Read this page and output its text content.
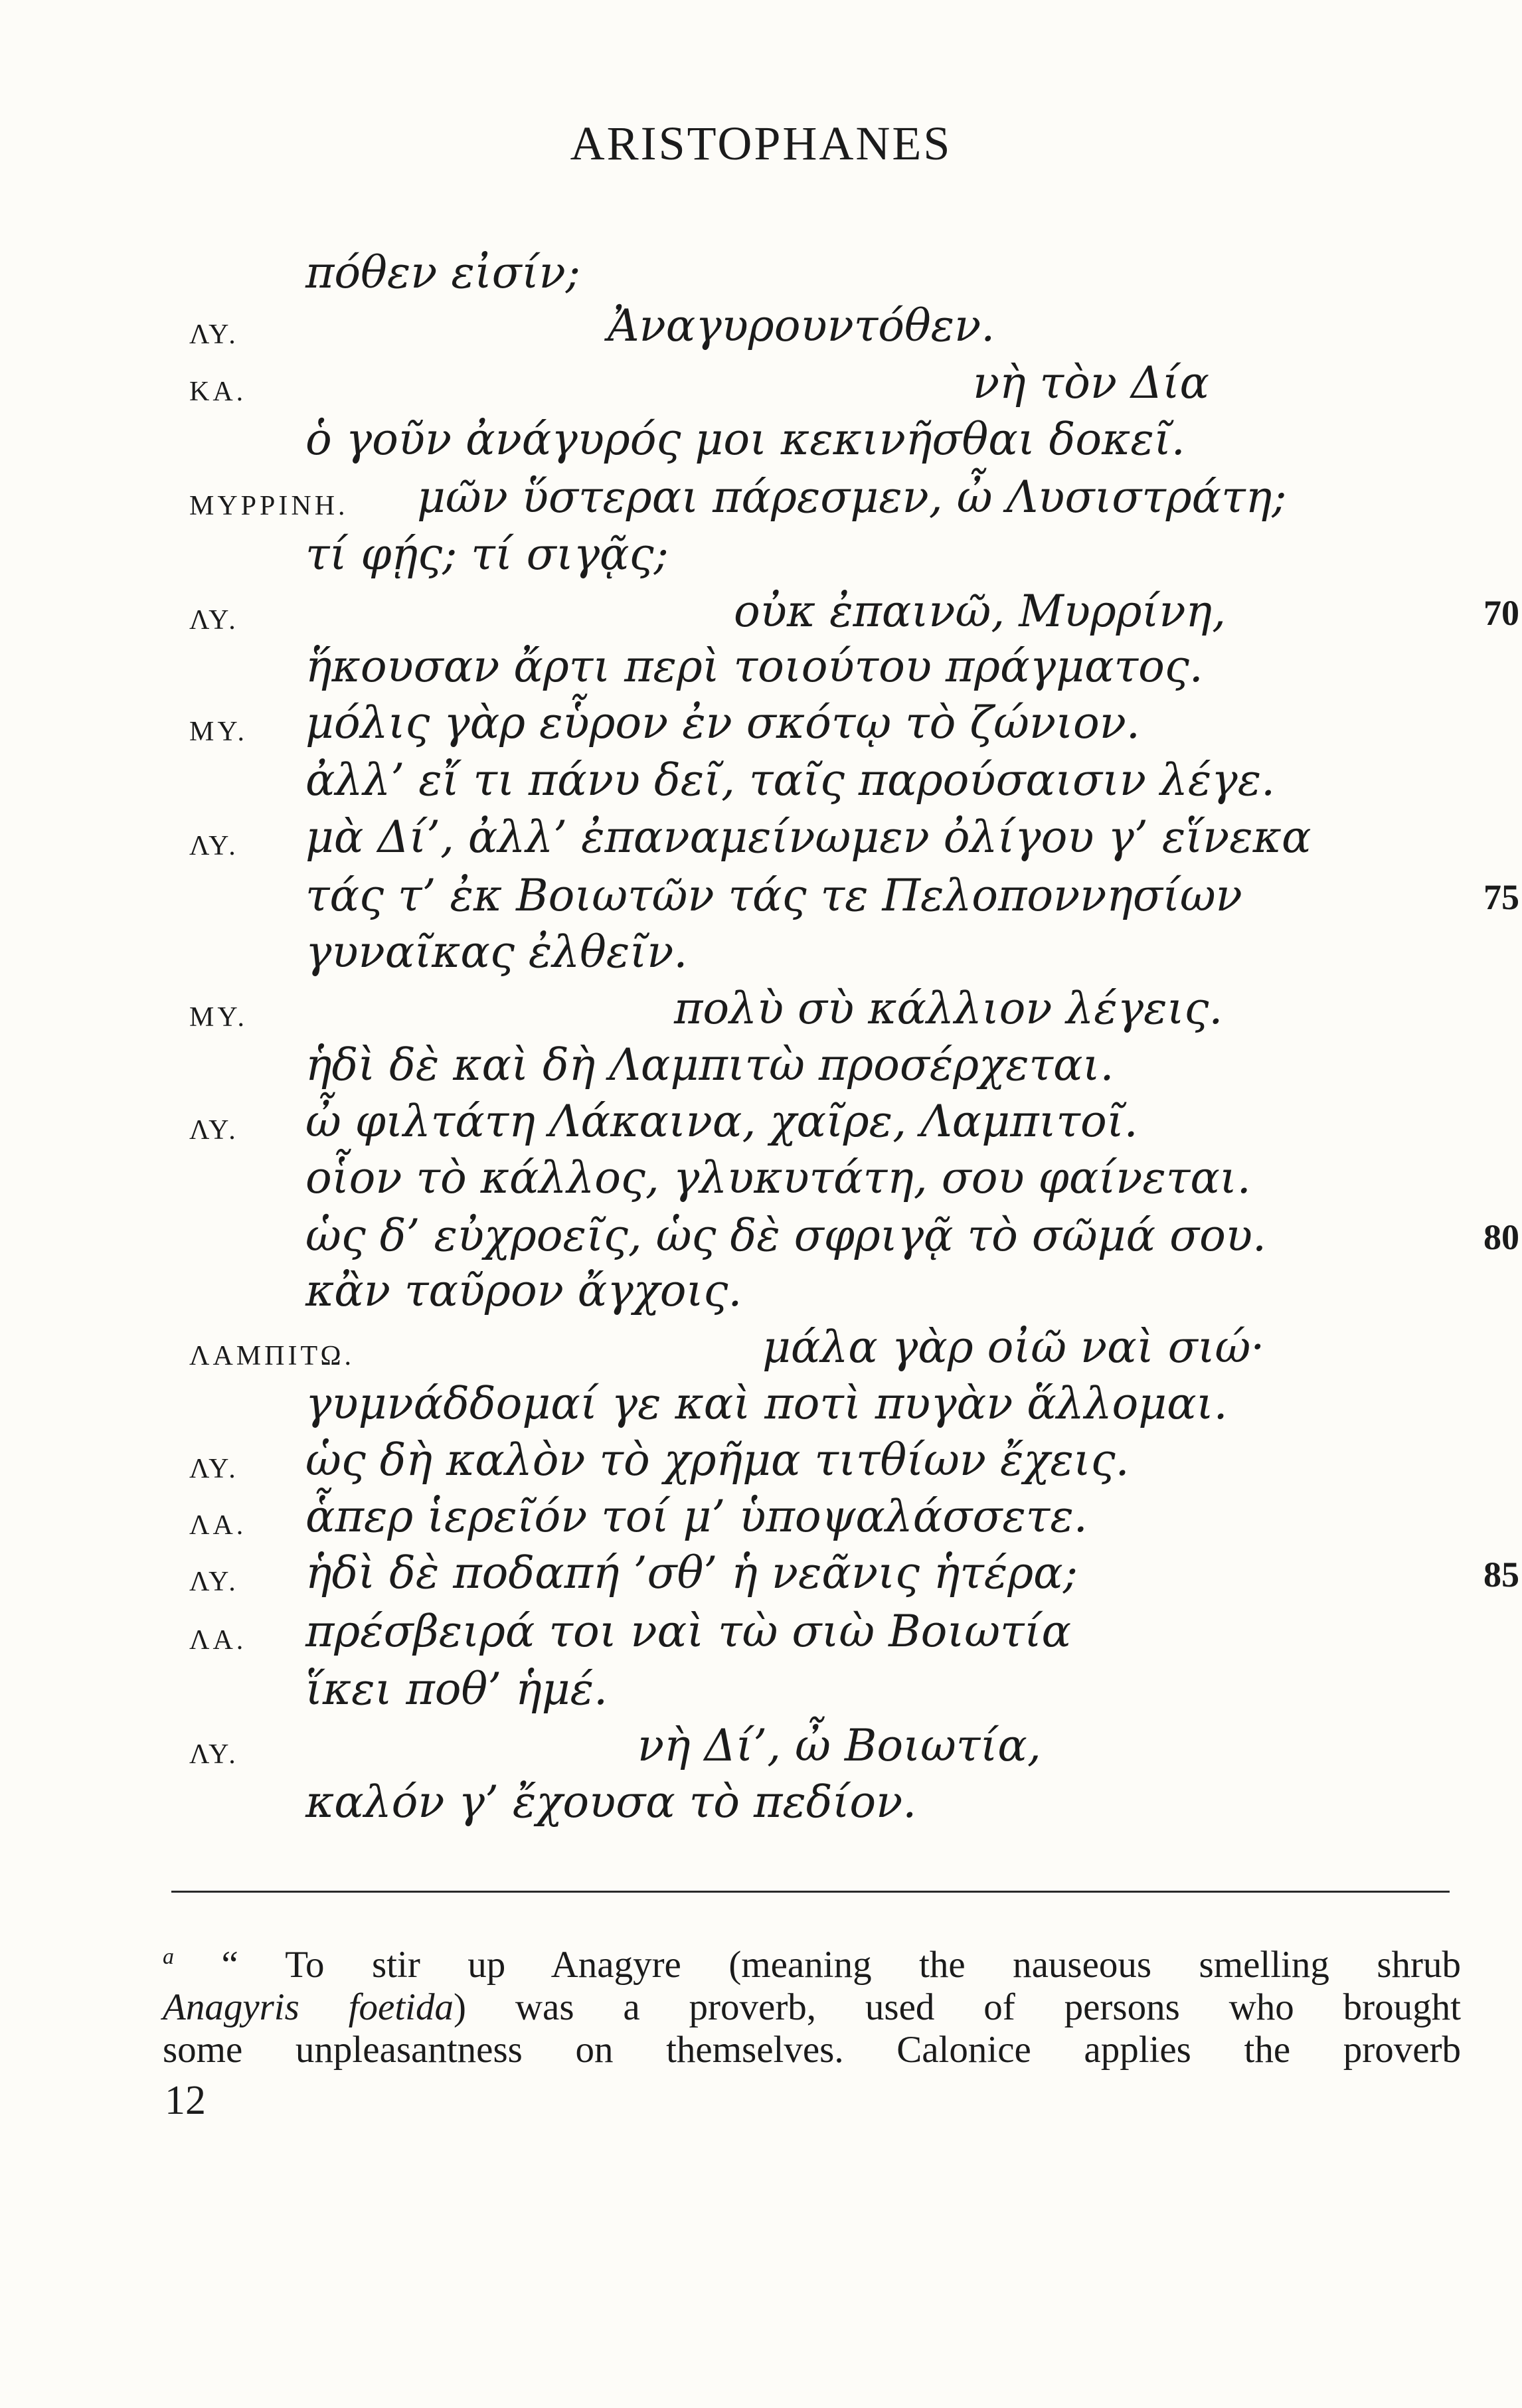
ARISTOPHANES
πόθεν εἰσίν;
ΛΥ.	Ἀναγυρουντόθεν.
ΚΑ.	νὴ τὸν Δία
ὁ γοῦν ἀνάγυρός μοι κεκινῆσθαι δοκεῖ.
ΜΥΡΡΙΝΗ. μῶν ὕστεραι πάρεσμεν, ὦ Λυσιστράτη;
τί φῄς; τί σιγᾷς;
ΛΥ.	οὐκ ἐπαινῶ, Μυρρίνη,	70
ἥκουσαν ἄρτι περὶ τοιούτου πράγματος.
ΜΥ. μόλις γὰρ εὗρον ἐν σκότῳ τὸ ζώνιον.
ἀλλ’ εἴ τι πάνυ δεῖ, ταῖς παρούσαισιν λέγε.
ΛΥ. μὰ Δί’, ἀλλ’ ἐπαναμείνωμεν ὀλίγου γ’ εἵνεκα
τάς τ’ ἐκ Βοιωτῶν τάς τε Πελοποννησίων	75
γυναῖκας ἐλθεῖν.
ΜΥ.	πολὺ σὺ κάλλιον λέγεις.
ἡδὶ δὲ καὶ δὴ Λαμπιτὼ προσέρχεται.
ΛΥ. ὦ φιλτάτη Λάκαινα, χαῖρε, Λαμπιτοῖ.
οἷον τὸ κάλλος, γλυκυτάτη, σου φαίνεται.
ὡς δ’ εὐχροεῖς, ὡς δὲ σφριγᾷ τὸ σῶμά σου.	80
κἂν ταῦρον ἄγχοις.
ΛΑΜΠΙΤΩ.	μάλα γὰρ οἰῶ ναὶ σιώ·
γυμνάδδομαί γε καὶ ποτὶ πυγὰν ἅλλομαι.
ΛΥ. ὡς δὴ καλὸν τὸ χρῆμα τιτθίων ἔχεις.
ΛΑ. ἇπερ ἱερεῖόν τοί μ’ ὑποψαλάσσετε.
ΛΥ. ἡδὶ δὲ ποδαπή ’σθ’ ἡ νεᾶνις ἡτέρα;	85
ΛΑ. πρέσβειρά τοι ναὶ τὼ σιὼ Βοιωτία
ἵκει ποθ’ ἡμέ.
ΛΥ.	νὴ Δί’, ὦ Βοιωτία,
καλόν γ’ ἔχουσα τὸ πεδίον.

$^a$ “ To stir up Anagyre (meaning the nauseous smelling shrub

Anagyris foetida) was a proverb, used of persons who brought

some unpleasantness on themselves. Calonice applies the proverb

12
